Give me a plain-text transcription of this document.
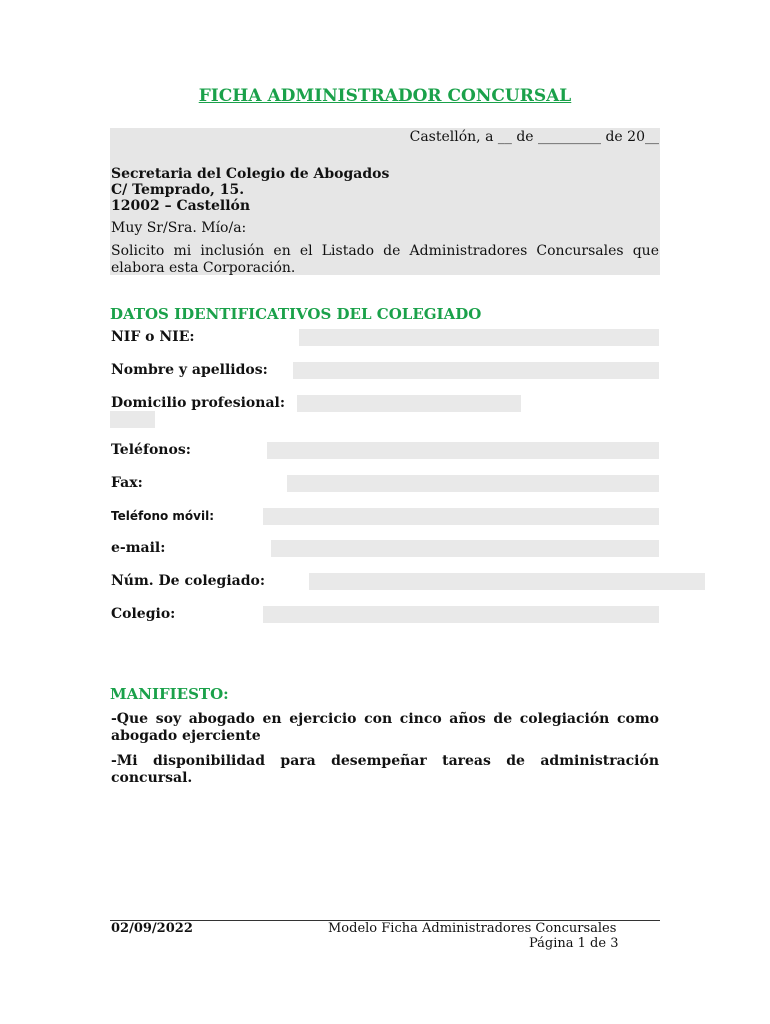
FICHA ADMINISTRADOR CONCURSAL
Castellón, a __ de _________ de 20__
Secretaria del Colegio de Abogados
C/ Temprado, 15.
12002 – Castellón
Muy Sr/Sra. Mío/a:
Solicito mi inclusión en el Listado de Administradores Concursales que elabora esta Corporación.
DATOS IDENTIFICATIVOS DEL COLEGIADO
NIF o NIE:
Nombre y apellidos:
Domicilio profesional:
Teléfonos:
Fax:
Teléfono móvil:
e-mail:
Núm. De colegiado:
Colegio:
MANIFIESTO:
-Que soy abogado en ejercicio con cinco años de colegiación como abogado ejerciente
-Mi disponibilidad para desempeñar tareas de administración concursal.
02/09/2022	Modelo Ficha Administradores Concursales
Página 1 de 3
